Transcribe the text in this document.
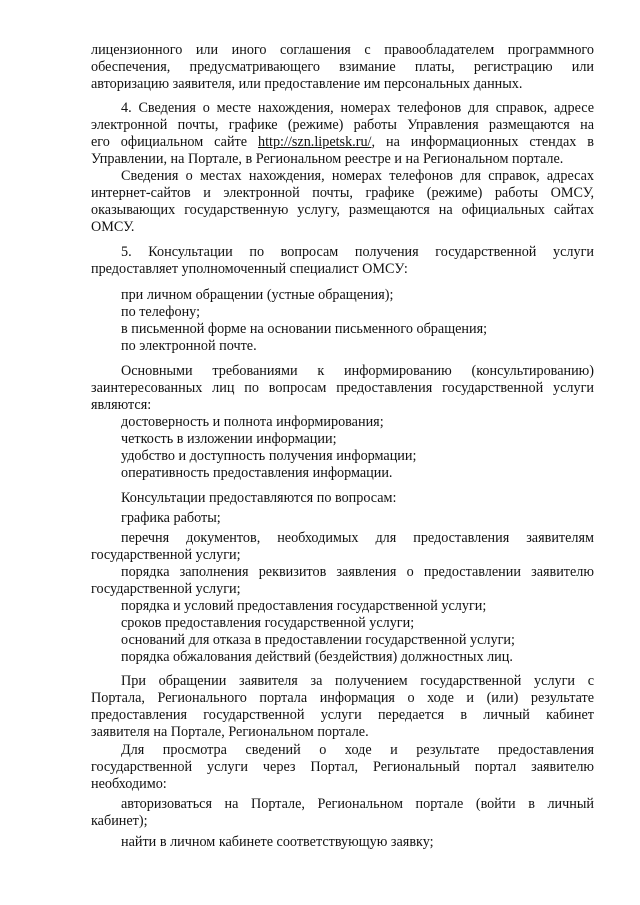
лицензионного или иного соглашения с правообладателем программного
обеспечения, предусматривающего взимание платы, регистрацию или
авторизацию заявителя, или предоставление им персональных данных.
4. Сведения о месте нахождения, номерах телефонов для справок, адресе
электронной почты, графике (режиме) работы Управления размещаются на
его официальном сайте http://szn.lipetsk.ru/, на информационных стендах в
Управлении, на Портале, в Региональном реестре и на Региональном портале.
Сведения о местах нахождения, номерах телефонов для справок, адресах
интернет-сайтов и электронной почты, графике (режиме) работы ОМСУ,
оказывающих государственную услугу, размещаются на официальных сайтах
ОМСУ.
5. Консультации по вопросам получения государственной услуги
предоставляет уполномоченный специалист ОМСУ:
при личном обращении (устные обращения);
по телефону;
в письменной форме на основании письменного обращения;
по электронной почте.
Основными требованиями к информированию (консультированию)
заинтересованных лиц по вопросам предоставления государственной услуги
являются:
достоверность и полнота информирования;
четкость в изложении информации;
удобство и доступность получения информации;
оперативность предоставления информации.
Консультации предоставляются по вопросам:
графика работы;
перечня документов, необходимых для предоставления заявителям
государственной услуги;
порядка заполнения реквизитов заявления о предоставлении заявителю
государственной услуги;
порядка и условий предоставления государственной услуги;
сроков предоставления государственной услуги;
оснований для отказа в предоставлении государственной услуги;
порядка обжалования действий (бездействия) должностных лиц.
При обращении заявителя за получением государственной услуги с
Портала, Регионального портала информация о ходе и (или) результате
предоставления государственной услуги передается в личный кабинет
заявителя на Портале, Региональном портале.
Для просмотра сведений о ходе и результате предоставления
государственной услуги через Портал, Региональный портал заявителю
необходимо:
авторизоваться на Портале, Региональном портале (войти в личный
кабинет);
найти в личном кабинете соответствующую заявку;
